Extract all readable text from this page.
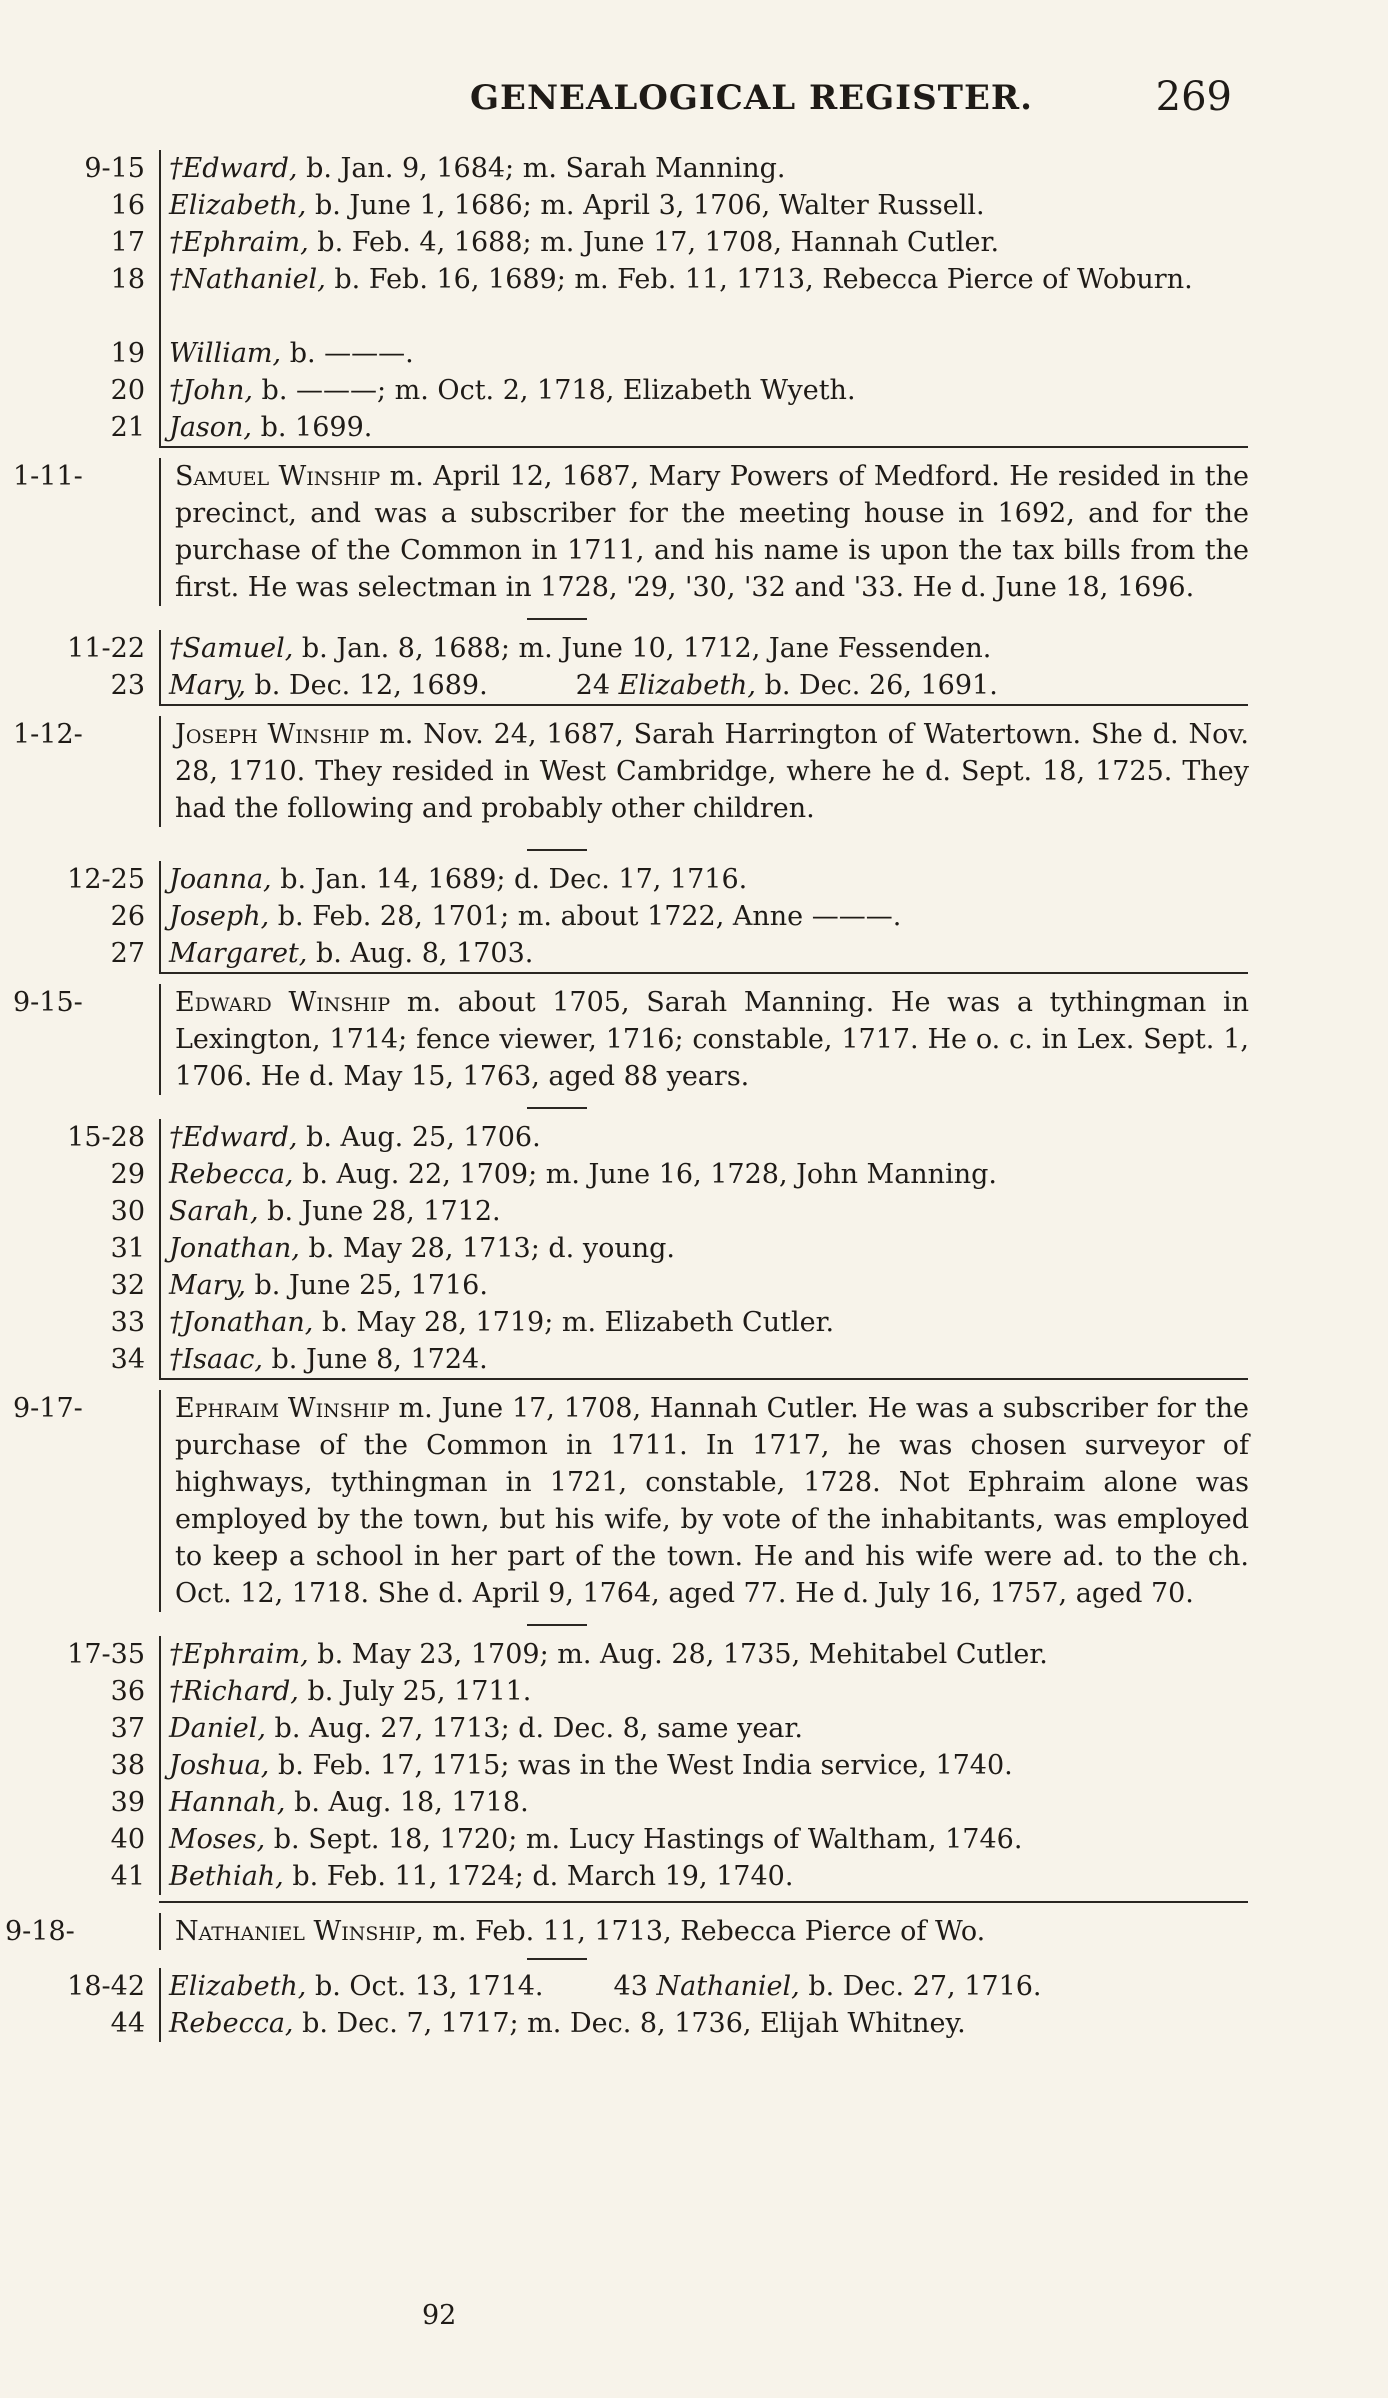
GENEALOGICAL REGISTER.	269
9-15 †Edward, b. Jan. 9, 1684; m. Sarah Manning.
16 Elizabeth, b. June 1, 1686; m. April 3, 1706, Walter Russell.
17 †Ephraim, b. Feb. 4, 1688; m. June 17, 1708, Hannah Cutler.
18 †Nathaniel, b. Feb. 16, 1689; m. Feb. 11, 1713, Rebecca Pierce of Woburn.
19 William, b. ———.
20 †John, b. ———; m. Oct. 2, 1718, Elizabeth Wyeth.
21 Jason, b. 1699.
1-11-	Samuel Winship m. April 12, 1687, Mary Powers of Medford. He resided in the precinct, and was a subscriber for the meeting house in 1692, and for the purchase of the Common in 1711, and his name is upon the tax bills from the first. He was selectman in 1728, '29, '30, '32 and '33. He d. June 18, 1696.
11-22 †Samuel, b. Jan. 8, 1688; m. June 10, 1712, Jane Fessenden.
23 Mary, b. Dec. 12, 1689.	24 Elizabeth, b. Dec. 26, 1691.
1-12-	Joseph Winship m. Nov. 24, 1687, Sarah Harrington of Watertown. She d. Nov. 28, 1710. They resided in West Cambridge, where he d. Sept. 18, 1725. They had the following and probably other children.
12-25 Joanna, b. Jan. 14, 1689; d. Dec. 17, 1716.
26 Joseph, b. Feb. 28, 1701; m. about 1722, Anne ———.
27 Margaret, b. Aug. 8, 1703.
9-15-	Edward Winship m. about 1705, Sarah Manning. He was a tythingman in Lexington, 1714; fence viewer, 1716; constable, 1717. He o. c. in Lex. Sept. 1, 1706. He d. May 15, 1763, aged 88 years.
15-28 †Edward, b. Aug. 25, 1706.
29 Rebecca, b. Aug. 22, 1709; m. June 16, 1728, John Manning.
30 Sarah, b. June 28, 1712.
31 Jonathan, b. May 28, 1713; d. young.
32 Mary, b. June 25, 1716.
33 †Jonathan, b. May 28, 1719; m. Elizabeth Cutler.
34 †Isaac, b. June 8, 1724.
9-17-	Ephraim Winship m. June 17, 1708, Hannah Cutler. He was a subscriber for the purchase of the Common in 1711. In 1717, he was chosen surveyor of highways, tythingman in 1721, constable, 1728. Not Ephraim alone was employed by the town, but his wife, by vote of the inhabitants, was employed to keep a school in her part of the town. He and his wife were ad. to the ch. Oct. 12, 1718. She d. April 9, 1764, aged 77. He d. July 16, 1757, aged 70.
17-35 †Ephraim, b. May 23, 1709; m. Aug. 28, 1735, Mehitabel Cutler.
36 †Richard, b. July 25, 1711.
37 Daniel, b. Aug. 27, 1713; d. Dec. 8, same year.
38 Joshua, b. Feb. 17, 1715; was in the West India service, 1740.
39 Hannah, b. Aug. 18, 1718.
40 Moses, b. Sept. 18, 1720; m. Lucy Hastings of Waltham, 1746.
41 Bethiah, b. Feb. 11, 1724; d. March 19, 1740.
9-18-	Nathaniel Winship, m. Feb. 11, 1713, Rebecca Pierce of Wo.
18-42 Elizabeth, b. Oct. 13, 1714.	43 Nathaniel, b. Dec. 27, 1716.
44 Rebecca, b. Dec. 7, 1717; m. Dec. 8, 1736, Elijah Whitney.
92
